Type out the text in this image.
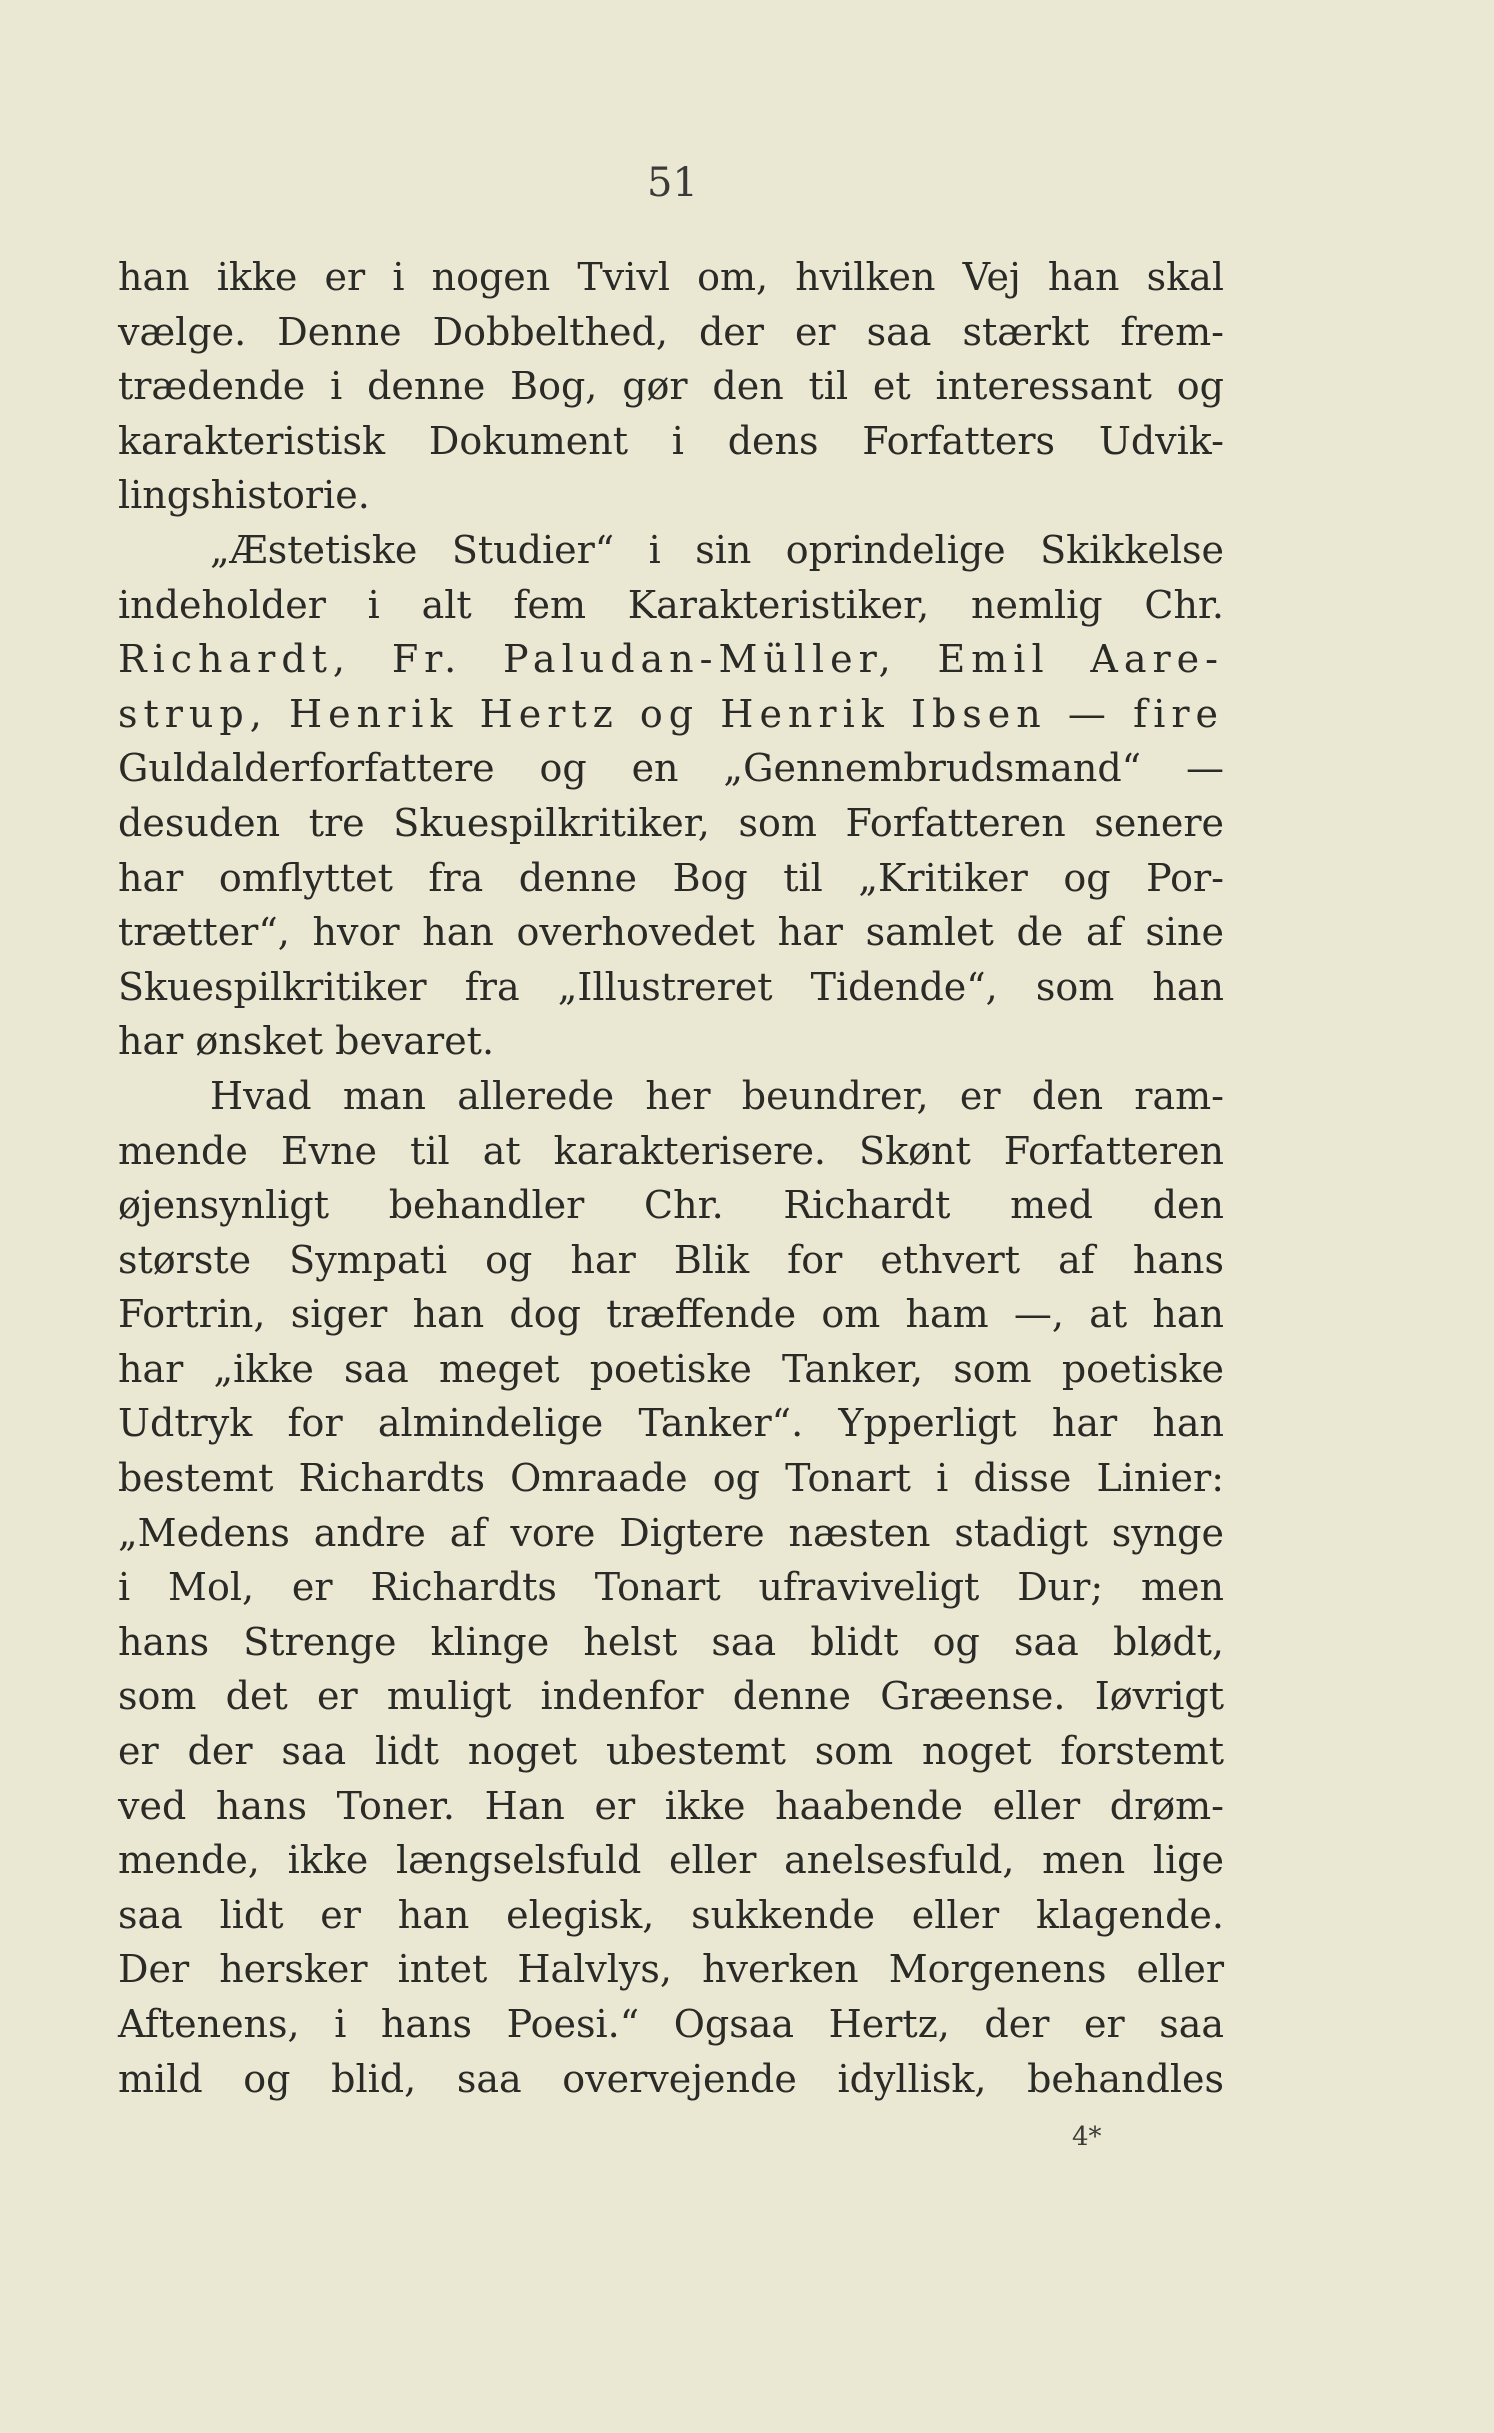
51
han ikke er i nogen Tvivl om, hvilken Vej han skal
vælge. Denne Dobbelthed, der er saa stærkt frem-
trædende i denne Bog, gør den til et interessant og
karakteristisk Dokument i dens Forfatters Udvik-
lingshistorie.
„Æstetiske Studier“ i sin oprindelige Skikkelse
indeholder i alt fem Karakteristiker, nemlig Chr.
Richardt, Fr. Paludan-Müller, Emil Aare-
strup, Henrik Hertz og Henrik Ibsen — fire
Guldalderforfattere og en „Gennembrudsmand“ —
desuden tre Skuespilkritiker, som Forfatteren senere
har omflyttet fra denne Bog til „Kritiker og Por-
trætter“, hvor han overhovedet har samlet de af sine
Skuespilkritiker fra „Illustreret Tidende“, som han
har ønsket bevaret.
Hvad man allerede her beundrer, er den ram-
mende Evne til at karakterisere. Skønt Forfatteren
øjensynligt behandler Chr. Richardt med den
største Sympati og har Blik for ethvert af hans
Fortrin, siger han dog træffende om ham —, at han
har „ikke saa meget poetiske Tanker, som poetiske
Udtryk for almindelige Tanker“. Ypperligt har han
bestemt Richardts Omraade og Tonart i disse Linier:
„Medens andre af vore Digtere næsten stadigt synge
i Mol, er Richardts Tonart ufraviveligt Dur; men
hans Strenge klinge helst saa blidt og saa blødt,
som det er muligt indenfor denne Græense. Iøvrigt
er der saa lidt noget ubestemt som noget forstemt
ved hans Toner. Han er ikke haabende eller drøm-
mende, ikke længselsfuld eller anelsesfuld, men lige
saa lidt er han elegisk, sukkende eller klagende.
Der hersker intet Halvlys, hverken Morgenens eller
Aftenens, i hans Poesi.“ Ogsaa Hertz, der er saa
mild og blid, saa overvejende idyllisk, behandles
4*
